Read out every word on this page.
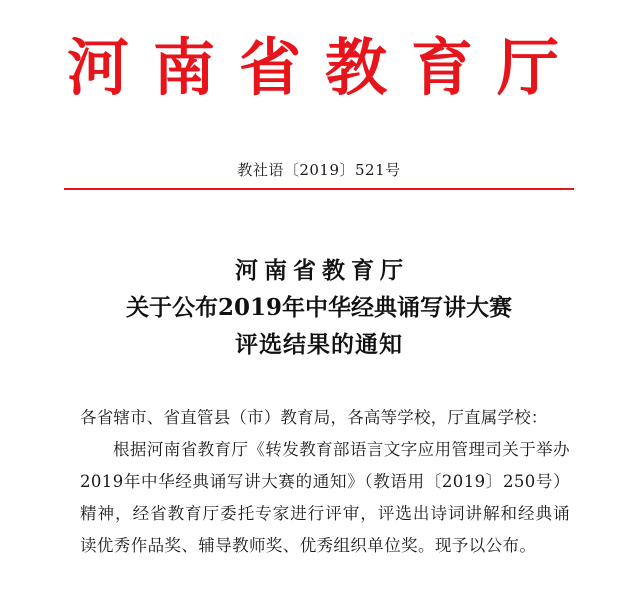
河南省教育厅
教社语〔2019〕521号
河南省教育厅
关于公布2019年中华经典诵写讲大赛
评选结果的通知
各省辖市、省直管县（市）教育局，各高等学校，厅直属学校：
根据河南省教育厅《转发教育部语言文字应用管理司关于举办2019年中华经典诵写讲大赛的通知》（教语用〔2019〕250号）精神，经省教育厅委托专家进行评审，评选出诗词讲解和经典诵读优秀作品奖、辅导教师奖、优秀组织单位奖。现予以公布。
